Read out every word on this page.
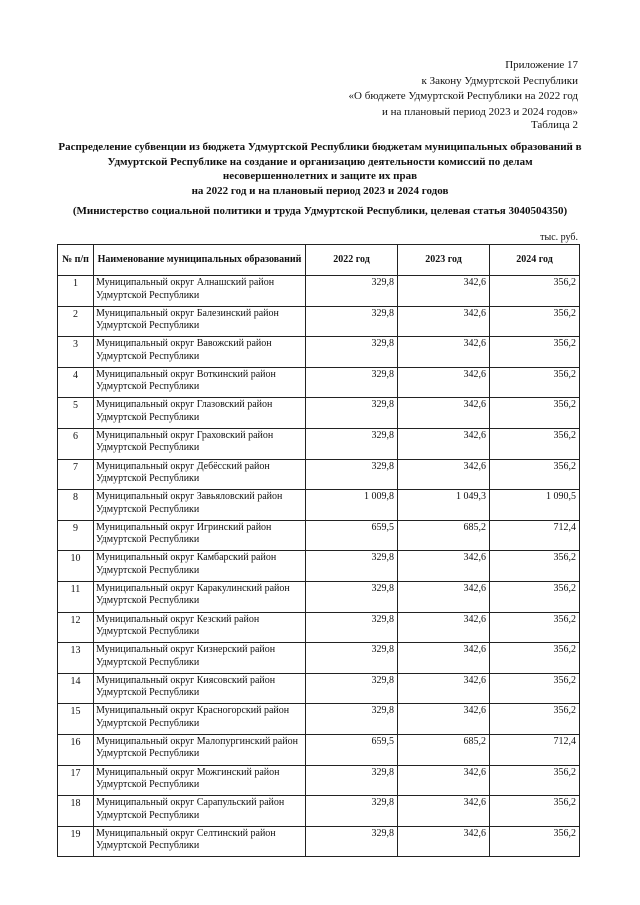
Приложение 17
к Закону Удмуртской Республики
«О бюджете Удмуртской Республики на 2022 год
и на плановый период 2023 и 2024 годов»
Таблица 2
Распределение субвенции из бюджета Удмуртской Республики бюджетам муниципальных образований в
Удмуртской Республике на создание и организацию деятельности комиссий по делам
несовершеннолетних и защите их прав
на 2022 год и на плановый период 2023 и 2024 годов
(Министерство социальной политики и труда Удмуртской Республики, целевая статья 3040504350)
тыс. руб.
№ п/п	Наименование муниципальных образований	2022 год	2023 год	2024 год
1	Муниципальный округ Алнашский район Удмуртской Республики	329,8	342,6	356,2
2	Муниципальный округ Балезинский район Удмуртской Республики	329,8	342,6	356,2
3	Муниципальный округ Вавожский район Удмуртской Республики	329,8	342,6	356,2
4	Муниципальный округ Воткинский район Удмуртской Республики	329,8	342,6	356,2
5	Муниципальный округ Глазовский район Удмуртской Республики	329,8	342,6	356,2
6	Муниципальный округ Граховский район Удмуртской Республики	329,8	342,6	356,2
7	Муниципальный округ Дебёсский район Удмуртской Республики	329,8	342,6	356,2
8	Муниципальный округ Завьяловский район Удмуртской Республики	1 009,8	1 049,3	1 090,5
9	Муниципальный округ Игринский район Удмуртской Республики	659,5	685,2	712,4
10	Муниципальный округ Камбарский район Удмуртской Республики	329,8	342,6	356,2
11	Муниципальный округ Каракулинский район Удмуртской Республики	329,8	342,6	356,2
12	Муниципальный округ Кезский район Удмуртской Республики	329,8	342,6	356,2
13	Муниципальный округ Кизнерский район Удмуртской Республики	329,8	342,6	356,2
14	Муниципальный округ Киясовский район Удмуртской Республики	329,8	342,6	356,2
15	Муниципальный округ Красногорский район Удмуртской Республики	329,8	342,6	356,2
16	Муниципальный округ Малопургинский район Удмуртской Республики	659,5	685,2	712,4
17	Муниципальный округ Можгинский район Удмуртской Республики	329,8	342,6	356,2
18	Муниципальный округ Сарапульский район Удмуртской Республики	329,8	342,6	356,2
19	Муниципальный округ Селтинский район Удмуртской Республики	329,8	342,6	356,2
